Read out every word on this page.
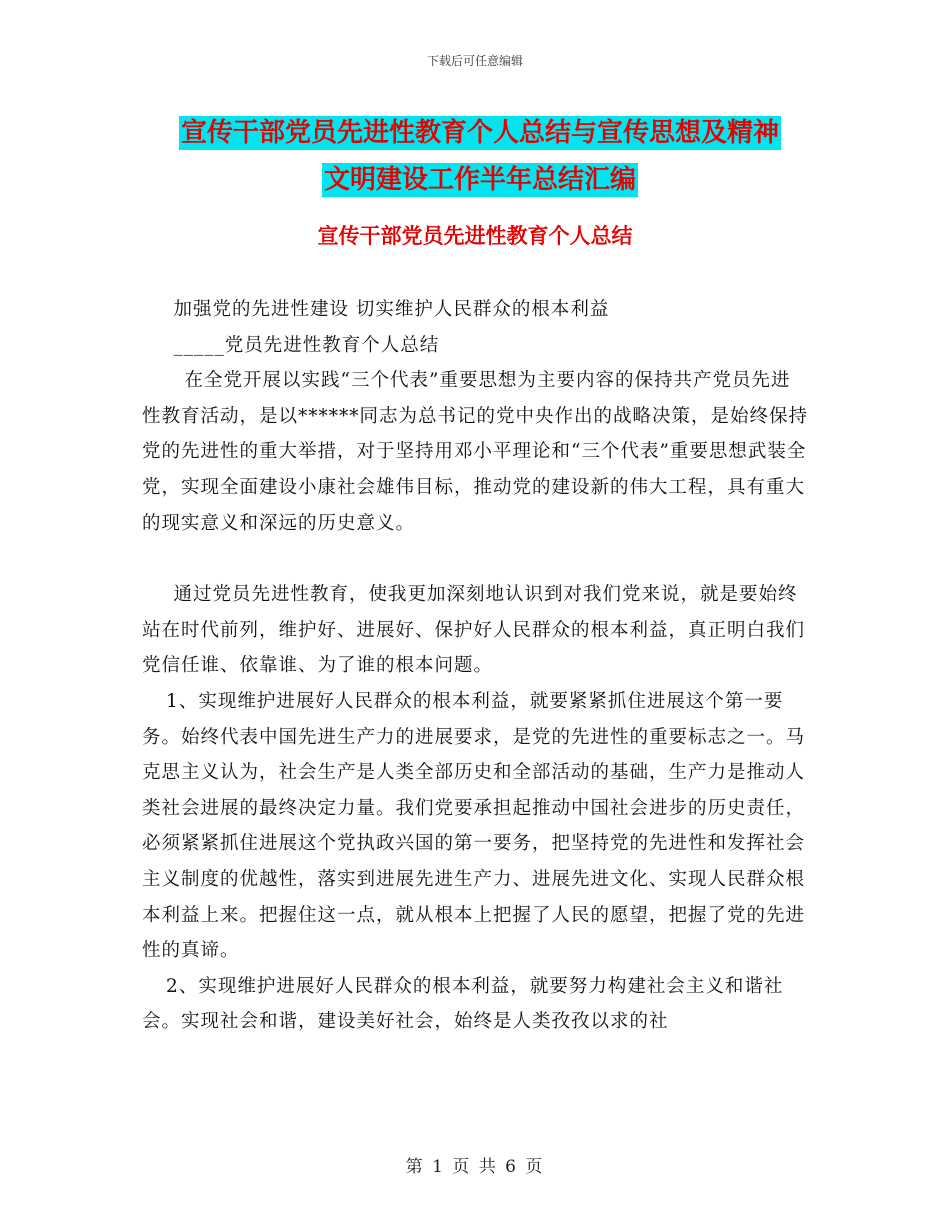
下载后可任意编辑
宣传干部党员先进性教育个人总结与宣传思想及精神
文明建设工作半年总结汇编
宣传干部党员先进性教育个人总结

加强党的先进性建设 切实维护人民群众的根本利益

_____党员先进性教育个人总结

在全党开展以实践“三个代表”重要思想为主要内容的保持共产党员先进性教育活动，是以******同志为总书记的党中央作出的战略决策，是始终保持党的先进性的重大举措，对于坚持用邓小平理论和“三个代表”重要思想武装全党，实现全面建设小康社会雄伟目标，推动党的建设新的伟大工程，具有重大的现实意义和深远的历史意义。

通过党员先进性教育，使我更加深刻地认识到对我们党来说，就是要始终站在时代前列，维护好、进展好、保护好人民群众的根本利益，真正明白我们党信任谁、依靠谁、为了谁的根本问题。

1、实现维护进展好人民群众的根本利益，就要紧紧抓住进展这个第一要务。始终代表中国先进生产力的进展要求，是党的先进性的重要标志之一。马克思主义认为，社会生产是人类全部历史和全部活动的基础，生产力是推动人类社会进展的最终决定力量。我们党要承担起推动中国社会进步的历史责任，必须紧紧抓住进展这个党执政兴国的第一要务，把坚持党的先进性和发挥社会主义制度的优越性，落实到进展先进生产力、进展先进文化、实现人民群众根本利益上来。把握住这一点，就从根本上把握了人民的愿望，把握了党的先进性的真谛。

2、实现维护进展好人民群众的根本利益，就要努力构建社会主义和谐社会。实现社会和谐，建设美好社会，始终是人类孜孜以求的社

第 1 页 共 6 页
